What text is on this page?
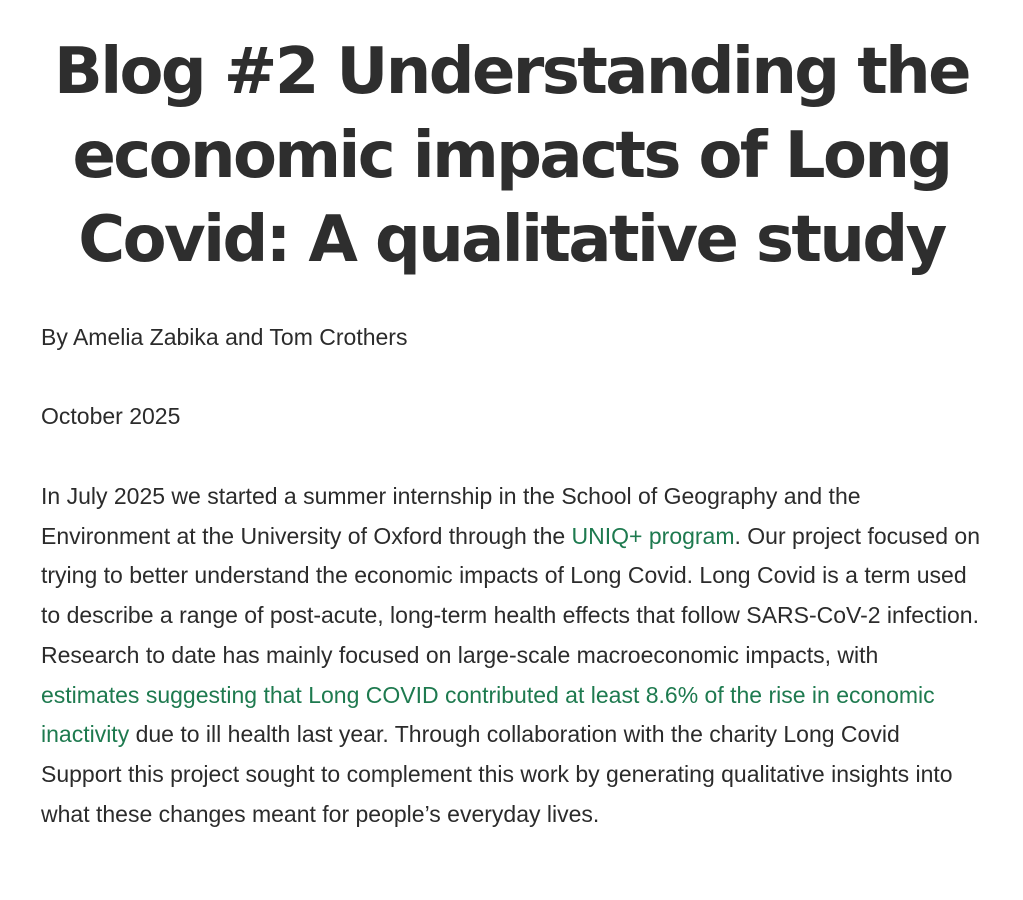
Blog #2 Understanding the economic impacts of Long Covid: A qualitative study

By Amelia Zabika and Tom Crothers

October 2025

In July 2025 we started a summer internship in the School of Geography and the Environment at the University of Oxford through the UNIQ+ program. Our project focused on trying to better understand the economic impacts of Long Covid. Long Covid is a term used to describe a range of post-acute, long-term health effects that follow SARS-CoV-2 infection. Research to date has mainly focused on large-scale macroeconomic impacts, with estimates suggesting that Long COVID contributed at least 8.6% of the rise in economic inactivity due to ill health last year. Through collaboration with the charity Long Covid Support this project sought to complement this work by generating qualitative insights into what these changes meant for people’s everyday lives.
